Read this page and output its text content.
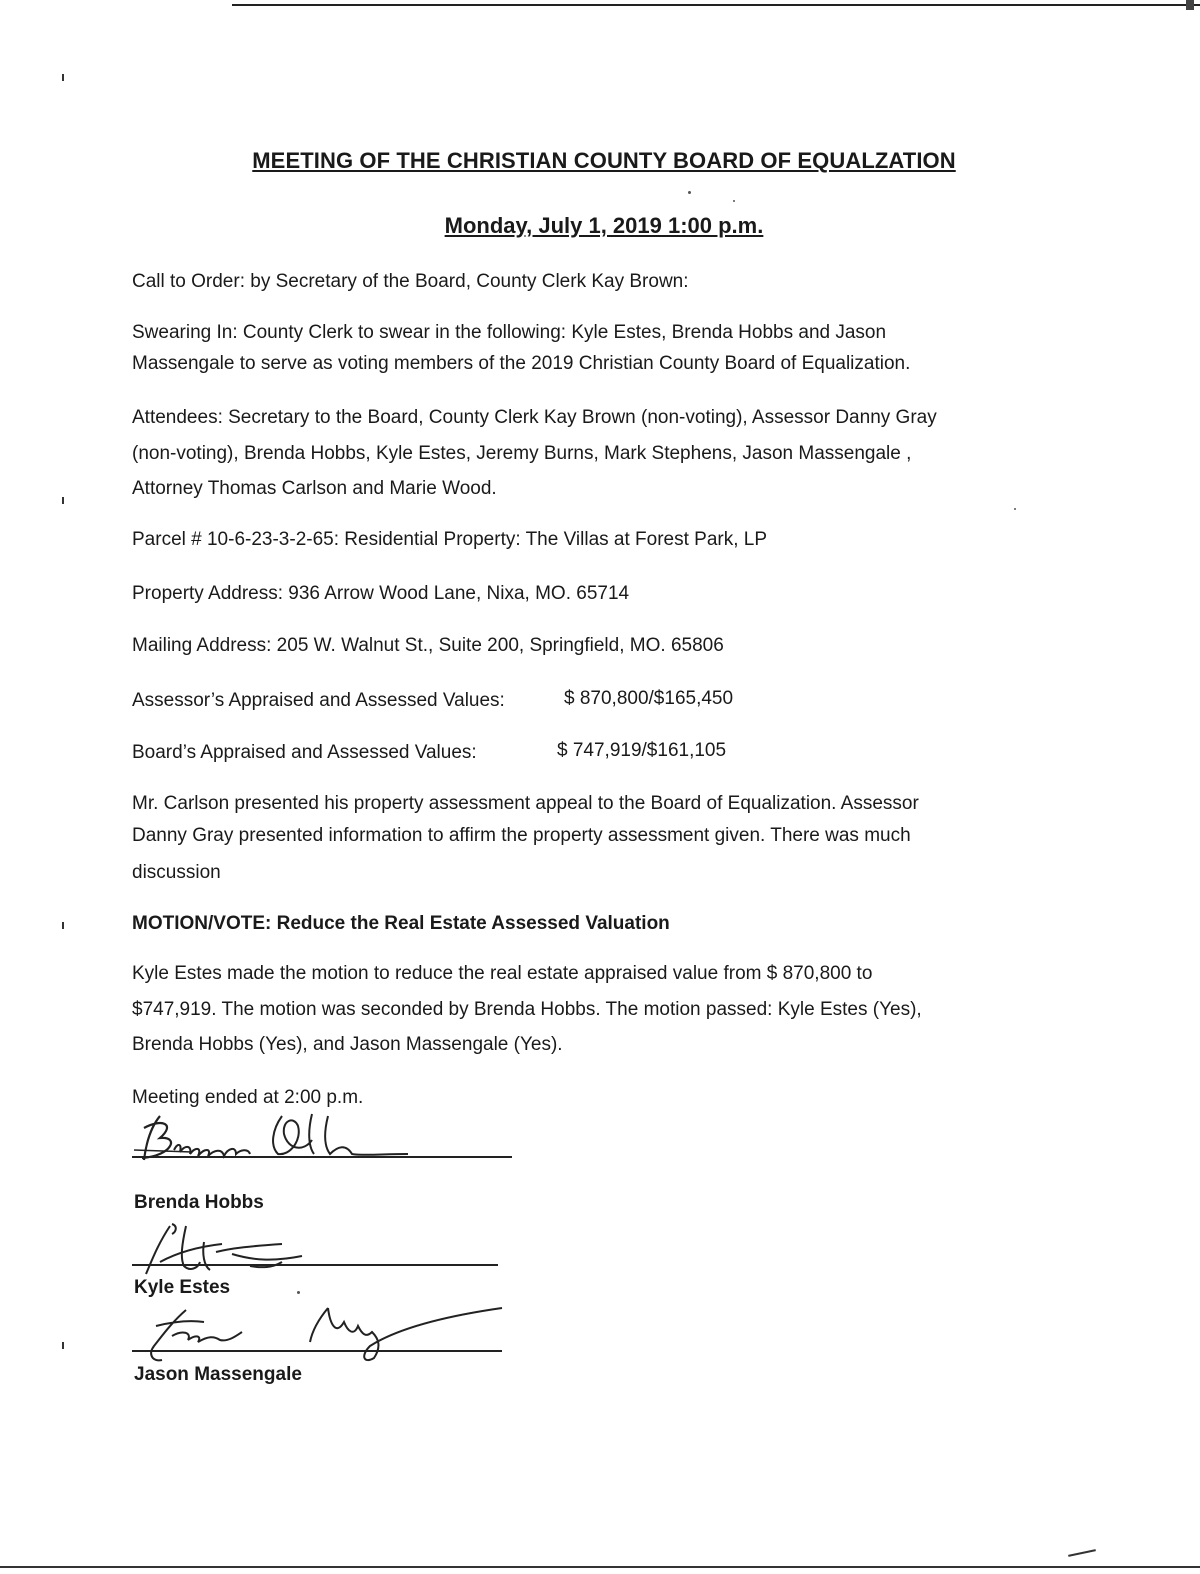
MEETING OF THE CHRISTIAN COUNTY BOARD OF EQUALZATION
Monday, July 1, 2019 1:00 p.m.
Call to Order: by Secretary of the Board, County Clerk Kay Brown:
Swearing In: County Clerk to swear in the following: Kyle Estes, Brenda Hobbs and Jason
Massengale to serve as voting members of the 2019 Christian County Board of Equalization.
Attendees: Secretary to the Board, County Clerk Kay Brown (non-voting), Assessor Danny Gray
(non-voting), Brenda Hobbs, Kyle Estes, Jeremy Burns, Mark Stephens, Jason Massengale ,
Attorney Thomas Carlson and Marie Wood.
Parcel # 10-6-23-3-2-65: Residential Property: The Villas at Forest Park, LP
Property Address: 936 Arrow Wood Lane, Nixa, MO. 65714
Mailing Address: 205 W. Walnut St., Suite 200, Springfield, MO. 65806
Assessor’s Appraised and Assessed Values:	$ 870,800/$165,450
Board’s Appraised and Assessed Values:	$ 747,919/$161,105
Mr. Carlson presented his property assessment appeal to the Board of Equalization. Assessor
Danny Gray presented information to affirm the property assessment given. There was much
discussion
MOTION/VOTE: Reduce the Real Estate Assessed Valuation
Kyle Estes made the motion to reduce the real estate appraised value from $ 870,800 to
$747,919. The motion was seconded by Brenda Hobbs. The motion passed: Kyle Estes (Yes),
Brenda Hobbs (Yes), and Jason Massengale (Yes).
Meeting ended at 2:00 p.m.
Brenda Hobbs
Kyle Estes
Jason Massengale
